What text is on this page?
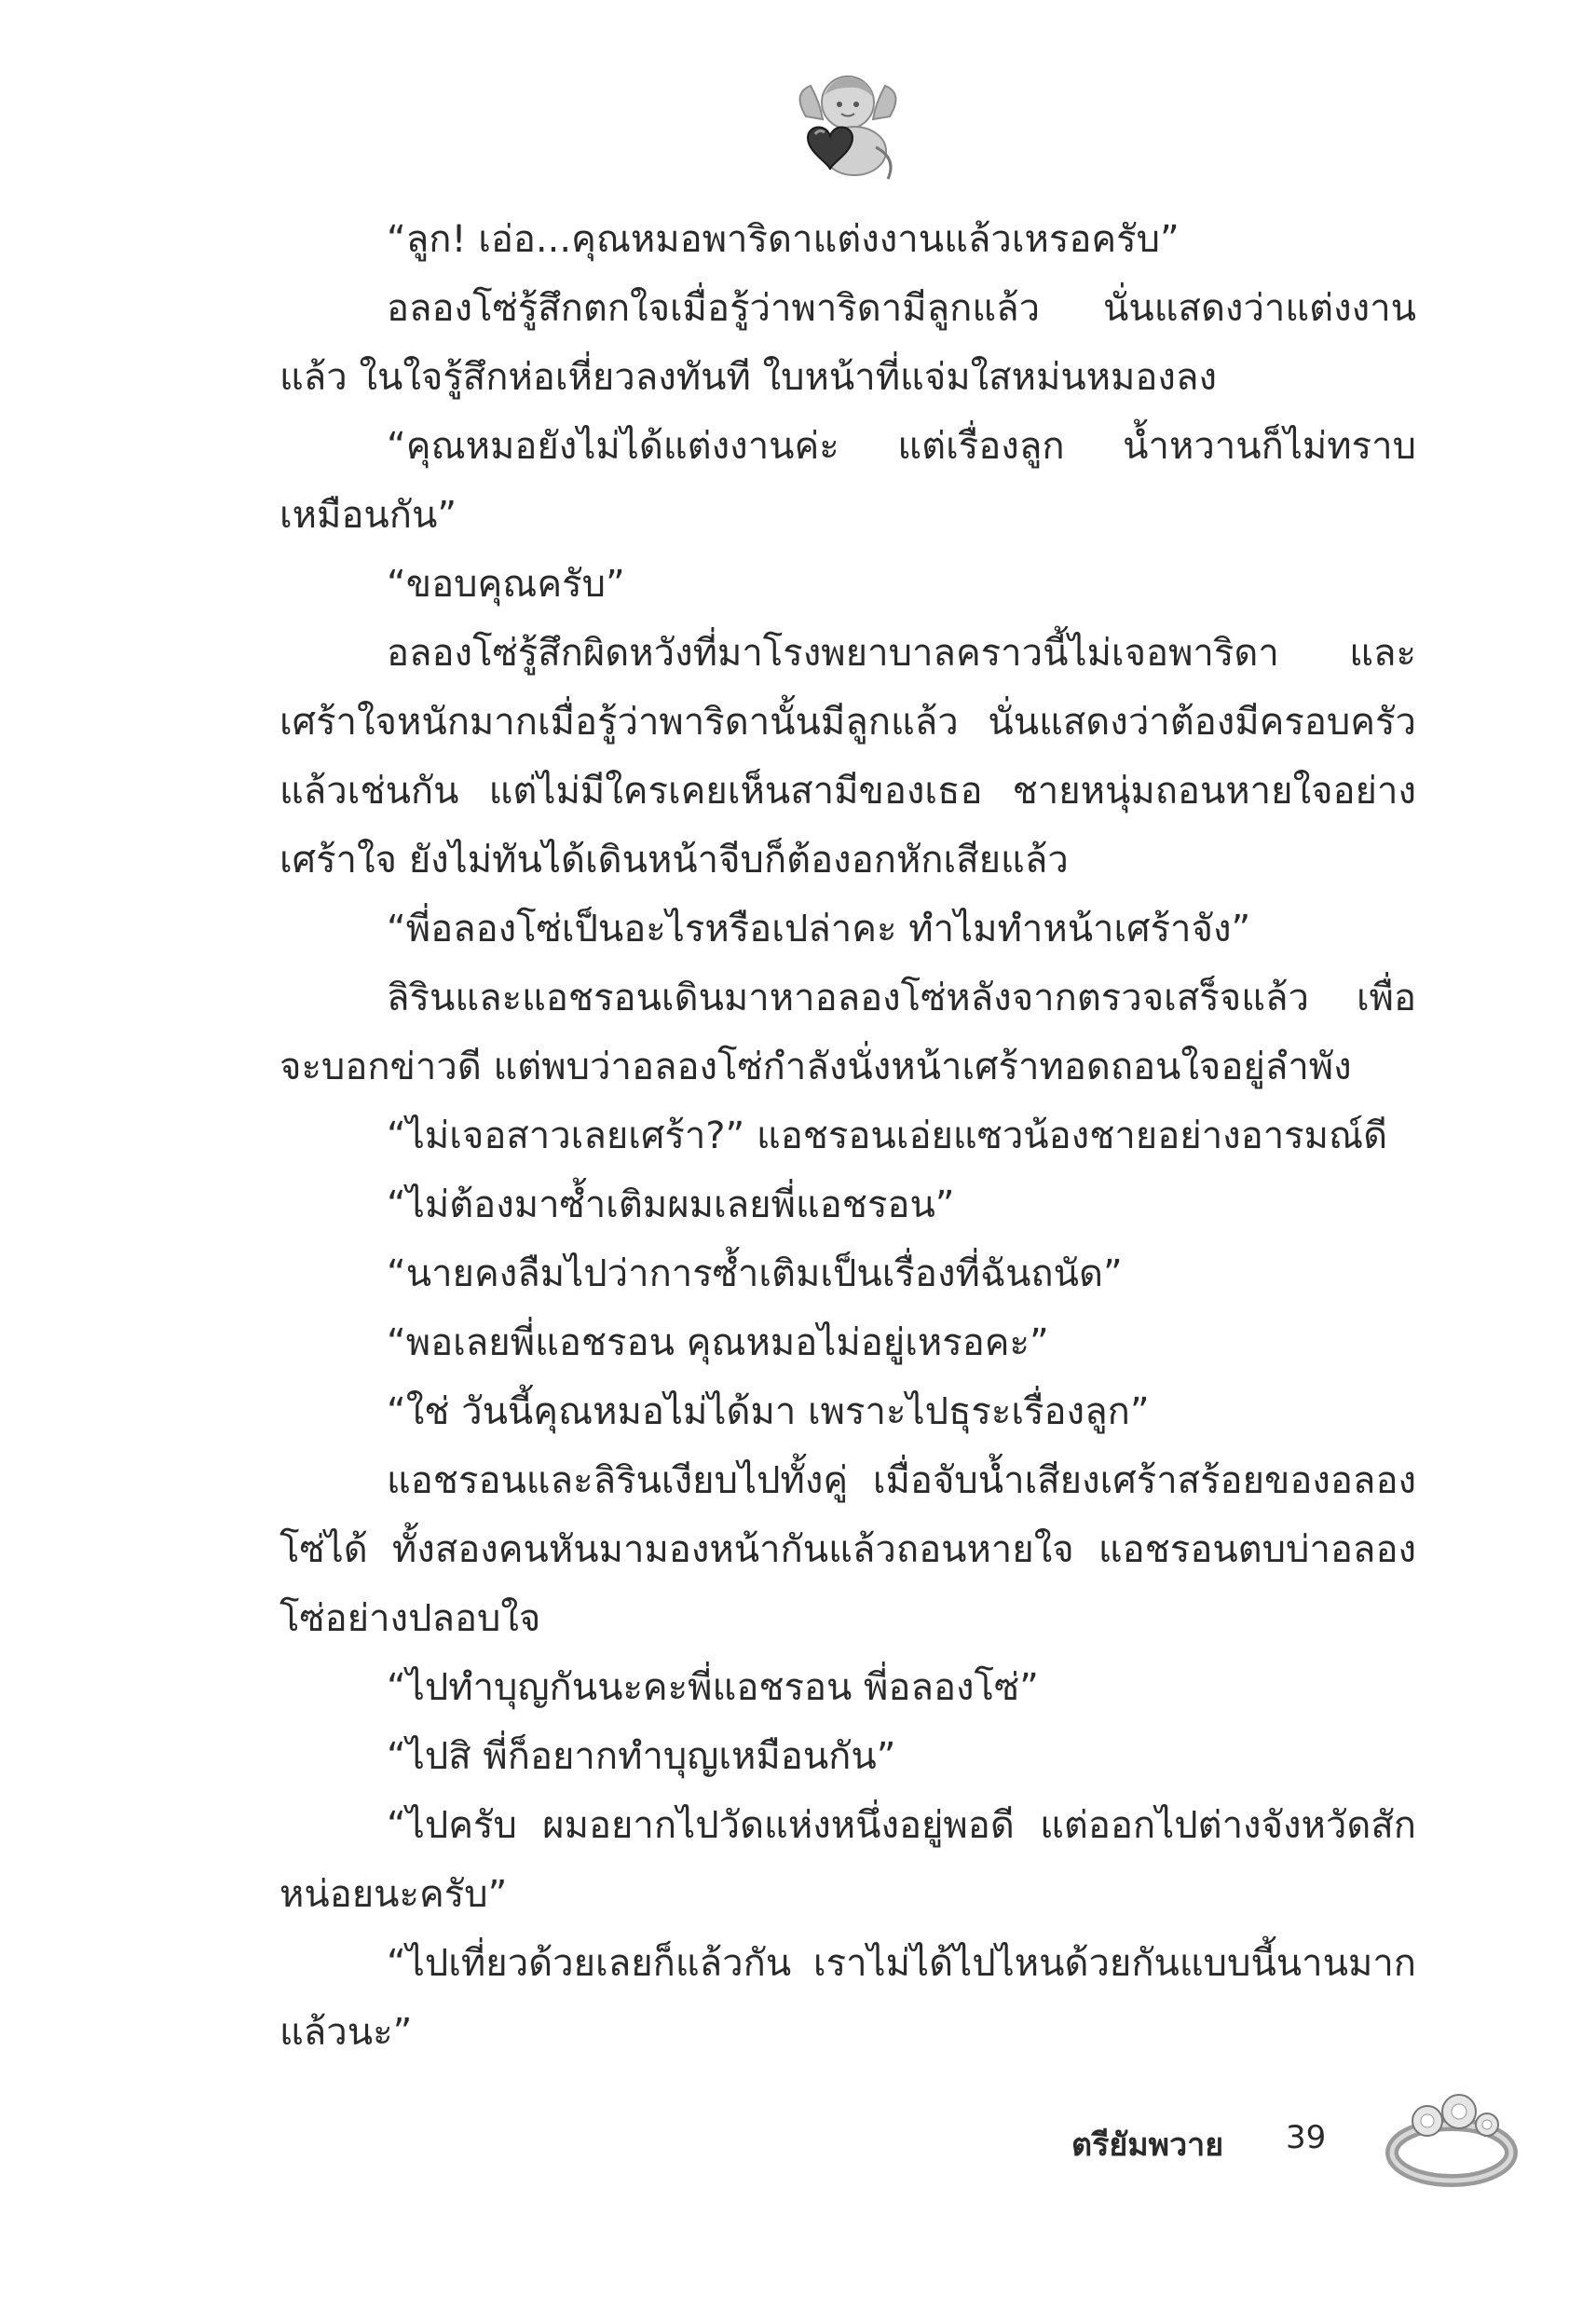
“ลูก! เอ่อ...คุณหมอพาริดาแต่งงานแล้วเหรอครับ”

อลองโซ่รู้สึกตกใจเมื่อรู้ว่าพาริดามีลูกแล้ว นั่นแสดงว่าแต่งงานแล้ว ในใจรู้สึกห่อเหี่ยวลงทันที ใบหน้าที่แจ่มใสหม่นหมองลง

“คุณหมอยังไม่ได้แต่งงานค่ะ แต่เรื่องลูก น้ำหวานก็ไม่ทราบเหมือนกัน”

“ขอบคุณครับ”

อลองโซ่รู้สึกผิดหวังที่มาโรงพยาบาลคราวนี้ไม่เจอพาริดา และเศร้าใจหนักมากเมื่อรู้ว่าพาริดานั้นมีลูกแล้ว นั่นแสดงว่าต้องมีครอบครัวแล้วเช่นกัน แต่ไม่มีใครเคยเห็นสามีของเธอ ชายหนุ่มถอนหายใจอย่างเศร้าใจ ยังไม่ทันได้เดินหน้าจีบก็ต้องอกหักเสียแล้ว

“พี่อลองโซ่เป็นอะไรหรือเปล่าคะ ทำไมทำหน้าเศร้าจัง”

ลิรินและแอชรอนเดินมาหาอลองโซ่หลังจากตรวจเสร็จแล้ว เพื่อจะบอกข่าวดี แต่พบว่าอลองโซ่กำลังนั่งหน้าเศร้าทอดถอนใจอยู่ลำพัง

“ไม่เจอสาวเลยเศร้า?” แอชรอนเอ่ยแซวน้องชายอย่างอารมณ์ดี

“ไม่ต้องมาซ้ำเติมผมเลยพี่แอชรอน”

“นายคงลืมไปว่าการซ้ำเติมเป็นเรื่องที่ฉันถนัด”

“พอเลยพี่แอชรอน คุณหมอไม่อยู่เหรอคะ”

“ใช่ วันนี้คุณหมอไม่ได้มา เพราะไปธุระเรื่องลูก”

แอชรอนและลิรินเงียบไปทั้งคู่ เมื่อจับน้ำเสียงเศร้าสร้อยของอลองโซ่ได้ ทั้งสองคนหันมามองหน้ากันแล้วถอนหายใจ แอชรอนตบบ่าอลองโซ่อย่างปลอบใจ

“ไปทำบุญกันนะคะพี่แอชรอน พี่อลองโซ่”

“ไปสิ พี่ก็อยากทำบุญเหมือนกัน”

“ไปครับ ผมอยากไปวัดแห่งหนึ่งอยู่พอดี แต่ออกไปต่างจังหวัดสักหน่อยนะครับ”

“ไปเที่ยวด้วยเลยก็แล้วกัน เราไม่ได้ไปไหนด้วยกันแบบนี้นานมากแล้วนะ”

ตรียัมพวาย 39
